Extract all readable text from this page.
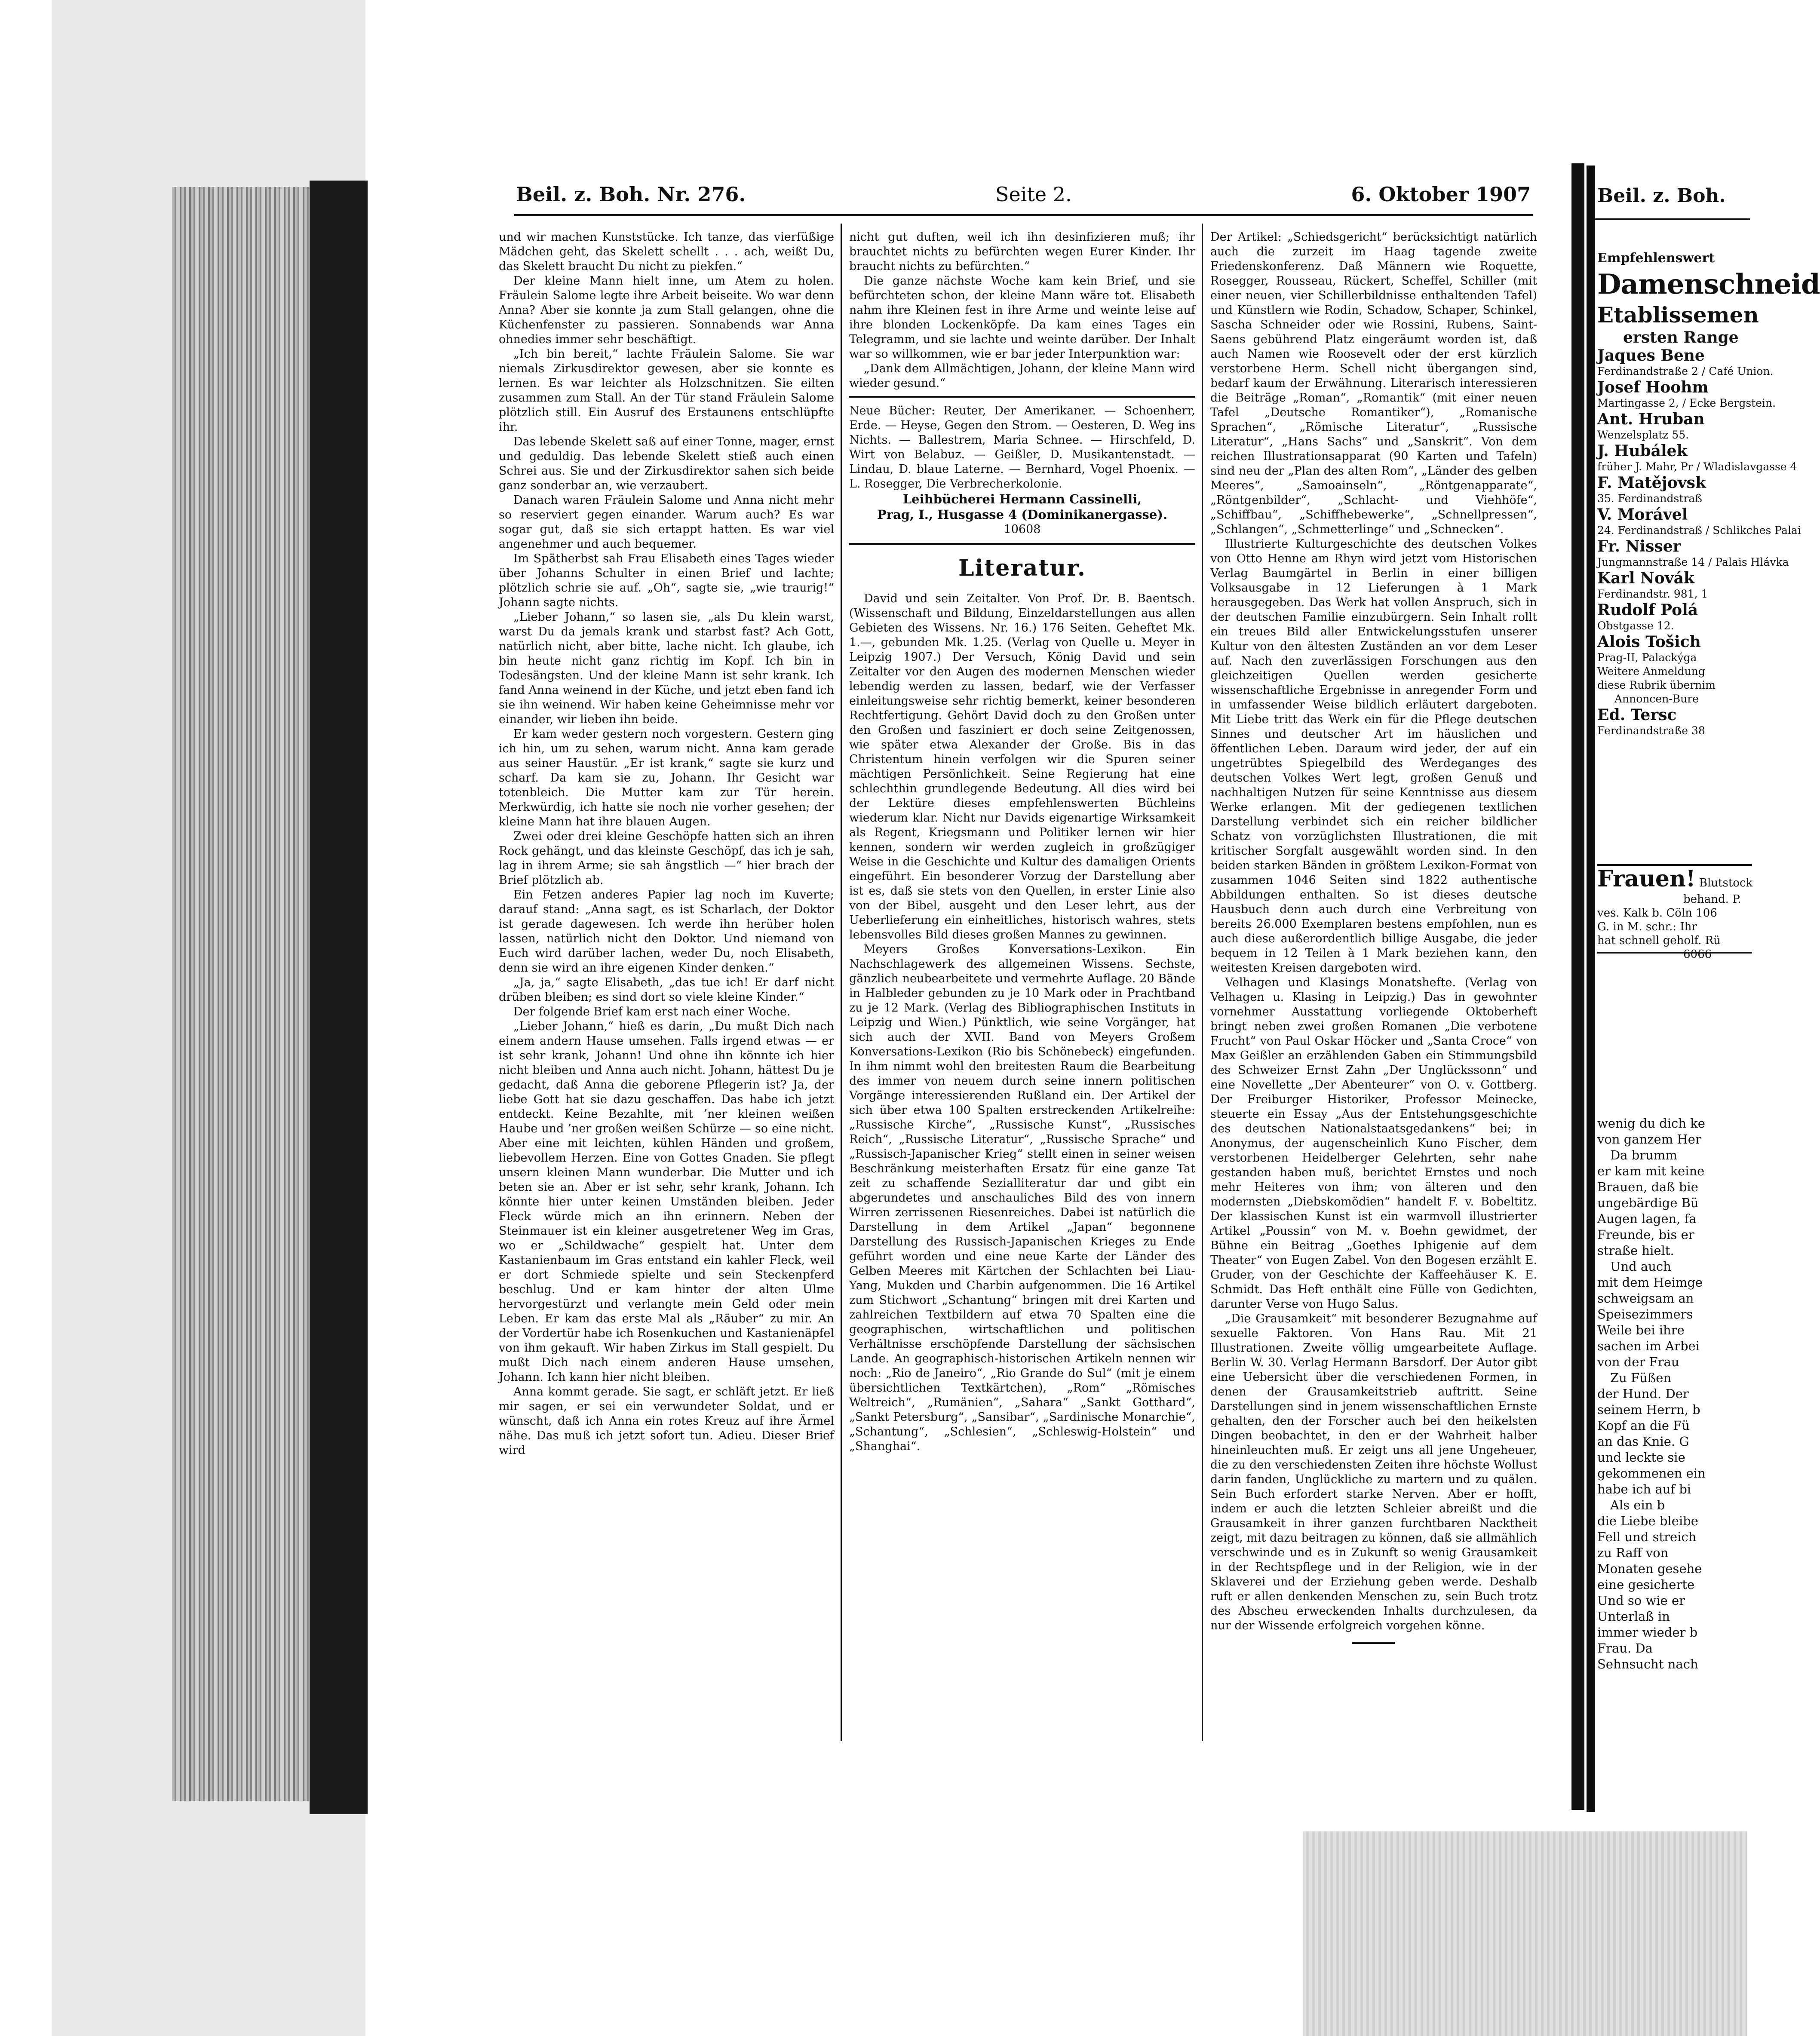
Beil. z. Boh. Nr. 276.	Seite 2.	6. Oktober 1907

und wir machen Kunststücke. Ich tanze, das vierfüßige Mädchen geht, das Skelett schellt . . . ach, weißt Du, das Skelett braucht Du nicht zu piekfen.“

Der kleine Mann hielt inne, um Atem zu holen. Fräulein Salome legte ihre Arbeit beiseite. Wo war denn Anna? Aber sie konnte ja zum Stall gelangen, ohne die Küchenfenster zu passieren. Sonnabends war Anna ohnedies immer sehr beschäftigt.

„Ich bin bereit,“ lachte Fräulein Salome. Sie war niemals Zirkusdirektor gewesen, aber sie konnte es lernen. Es war leichter als Holzschnitzen. Sie eilten zusammen zum Stall. An der Tür stand Fräulein Salome plötzlich still. Ein Ausruf des Erstaunens entschlüpfte ihr.

Das lebende Skelett saß auf einer Tonne, mager, ernst und geduldig. Das lebende Skelett stieß auch einen Schrei aus. Sie und der Zirkusdirektor sahen sich beide ganz sonderbar an, wie verzaubert.

Danach waren Fräulein Salome und Anna nicht mehr so reserviert gegen einander. Warum auch? Es war sogar gut, daß sie sich ertappt hatten. Es war viel angenehmer und auch bequemer.

Im Spätherbst sah Frau Elisabeth eines Tages wieder über Johanns Schulter in einen Brief und lachte; plötzlich schrie sie auf. „Oh“, sagte sie, „wie traurig!“ Johann sagte nichts.

„Lieber Johann,“ so lasen sie, „als Du klein warst, warst Du da jemals krank und starbst fast? Ach Gott, natürlich nicht, aber bitte, lache nicht. Ich glaube, ich bin heute nicht ganz richtig im Kopf. Ich bin in Todesängsten. Und der kleine Mann ist sehr krank. Ich fand Anna weinend in der Küche, und jetzt eben fand ich sie ihn weinend. Wir haben keine Geheimnisse mehr vor einander, wir lieben ihn beide.

Er kam weder gestern noch vorgestern. Gestern ging ich hin, um zu sehen, warum nicht. Anna kam gerade aus seiner Haustür. „Er ist krank,“ sagte sie kurz und scharf. Da kam sie zu, Johann. Ihr Gesicht war totenbleich. Die Mutter kam zur Tür herein. Merkwürdig, ich hatte sie noch nie vorher gesehen; der kleine Mann hat ihre blauen Augen.

Zwei oder drei kleine Geschöpfe hatten sich an ihren Rock gehängt, und das kleinste Geschöpf, das ich je sah, lag in ihrem Arme; sie sah ängstlich —“ hier brach der Brief plötzlich ab.

Ein Fetzen anderes Papier lag noch im Kuverte; darauf stand: „Anna sagt, es ist Scharlach, der Doktor ist gerade dagewesen. Ich werde ihn herüber holen lassen, natürlich nicht den Doktor. Und niemand von Euch wird darüber lachen, weder Du, noch Elisabeth, denn sie wird an ihre eigenen Kinder denken.“

„Ja, ja,“ sagte Elisabeth, „das tue ich! Er darf nicht drüben bleiben; es sind dort so viele kleine Kinder.“

Der folgende Brief kam erst nach einer Woche.

„Lieber Johann,“ hieß es darin, „Du mußt Dich nach einem andern Hause umsehen. Falls irgend etwas — er ist sehr krank, Johann! Und ohne ihn könnte ich hier nicht bleiben und Anna auch nicht. Johann, hättest Du je gedacht, daß Anna die geborene Pflegerin ist? Ja, der liebe Gott hat sie dazu geschaffen. Das habe ich jetzt entdeckt. Keine Bezahlte, mit ’ner kleinen weißen Haube und ’ner großen weißen Schürze — so eine nicht. Aber eine mit leichten, kühlen Händen und großem, liebevollem Herzen. Eine von Gottes Gnaden. Sie pflegt unsern kleinen Mann wunderbar. Die Mutter und ich beten sie an. Aber er ist sehr, sehr krank, Johann. Ich könnte hier unter keinen Umständen bleiben. Jeder Fleck würde mich an ihn erinnern. Neben der Steinmauer ist ein kleiner ausgetretener Weg im Gras, wo er „Schildwache“ gespielt hat. Unter dem Kastanienbaum im Gras entstand ein kahler Fleck, weil er dort Schmiede spielte und sein Steckenpferd beschlug. Und er kam hinter der alten Ulme hervorgestürzt und verlangte mein Geld oder mein Leben. Er kam das erste Mal als „Räuber“ zu mir. An der Vordertür habe ich Rosenkuchen und Kastanienäpfel von ihm gekauft. Wir haben Zirkus im Stall gespielt. Du mußt Dich nach einem anderen Hause umsehen, Johann. Ich kann hier nicht bleiben.

Anna kommt gerade. Sie sagt, er schläft jetzt. Er ließ mir sagen, er sei ein verwundeter Soldat, und er wünscht, daß ich Anna ein rotes Kreuz auf ihre Ärmel nähe. Das muß ich jetzt sofort tun. Adieu. Dieser Brief wird

nicht gut duften, weil ich ihn desinfizieren muß; ihr brauchtet nichts zu befürchten wegen Eurer Kinder. Ihr braucht nichts zu befürchten.“

Die ganze nächste Woche kam kein Brief, und sie befürchteten schon, der kleine Mann wäre tot. Elisabeth nahm ihre Kleinen fest in ihre Arme und weinte leise auf ihre blonden Lockenköpfe. Da kam eines Tages ein Telegramm, und sie lachte und weinte darüber. Der Inhalt war so willkommen, wie er bar jeder Interpunktion war:

„Dank dem Allmächtigen, Johann, der kleine Mann wird wieder gesund.“

Neue Bücher: Reuter, Der Amerikaner. — Schoenherr, Erde. — Heyse, Gegen den Strom. — Oesteren, D. Weg ins Nichts. — Ballestrem, Maria Schnee. — Hirschfeld, D. Wirt von Belabuz. — Geißler, D. Musikantenstadt. — Lindau, D. blaue Laterne. — Bernhard, Vogel Phoenix. — L. Rosegger, Die Verbrecherkolonie.
Leihbücherei Hermann Cassinelli,
Prag, I., Husgasse 4 (Dominikanergasse).
10608
Literatur.

David und sein Zeitalter. Von Prof. Dr. B. Baentsch. (Wissenschaft und Bildung, Einzeldarstellungen aus allen Gebieten des Wissens. Nr. 16.) 176 Seiten. Geheftet Mk. 1.—, gebunden Mk. 1.25. (Verlag von Quelle u. Meyer in Leipzig 1907.) Der Versuch, König David und sein Zeitalter vor den Augen des modernen Menschen wieder lebendig werden zu lassen, bedarf, wie der Verfasser einleitungsweise sehr richtig bemerkt, keiner besonderen Rechtfertigung. Gehört David doch zu den Großen unter den Großen und fasziniert er doch seine Zeitgenossen, wie später etwa Alexander der Große. Bis in das Christentum hinein verfolgen wir die Spuren seiner mächtigen Persönlichkeit. Seine Regierung hat eine schlechthin grundlegende Bedeutung. All dies wird bei der Lektüre dieses empfehlenswerten Büchleins wiederum klar. Nicht nur Davids eigenartige Wirksamkeit als Regent, Kriegsmann und Politiker lernen wir hier kennen, sondern wir werden zugleich in großzügiger Weise in die Geschichte und Kultur des damaligen Orients eingeführt. Ein besonderer Vorzug der Darstellung aber ist es, daß sie stets von den Quellen, in erster Linie also von der Bibel, ausgeht und den Leser lehrt, aus der Ueberlieferung ein einheitliches, historisch wahres, stets lebensvolles Bild dieses großen Mannes zu gewinnen.

Meyers Großes Konversations-Lexikon. Ein Nachschlagewerk des allgemeinen Wissens. Sechste, gänzlich neubearbeitete und vermehrte Auflage. 20 Bände in Halbleder gebunden zu je 10 Mark oder in Prachtband zu je 12 Mark. (Verlag des Bibliographischen Instituts in Leipzig und Wien.) Pünktlich, wie seine Vorgänger, hat sich auch der XVII. Band von Meyers Großem Konversations-Lexikon (Rio bis Schönebeck) eingefunden. In ihm nimmt wohl den breitesten Raum die Bearbeitung des immer von neuem durch seine innern politischen Vorgänge interessierenden Rußland ein. Der Artikel der sich über etwa 100 Spalten erstreckenden Artikelreihe: „Russische Kirche“, „Russische Kunst“, „Russisches Reich“, „Russische Literatur“, „Russische Sprache“ und „Russisch-Japanischer Krieg“ stellt einen in seiner weisen Beschränkung meisterhaften Ersatz für eine ganze Tat zeit zu schaffende Sezialliteratur dar und gibt ein abgerundetes und anschauliches Bild des von innern Wirren zerrissenen Riesenreiches. Dabei ist natürlich die Darstellung in dem Artikel „Japan“ begonnene Darstellung des Russisch-Japanischen Krieges zu Ende geführt worden und eine neue Karte der Länder des Gelben Meeres mit Kärtchen der Schlachten bei Liau-Yang, Mukden und Charbin aufgenommen. Die 16 Artikel zum Stichwort „Schantung“ bringen mit drei Karten und zahlreichen Textbildern auf etwa 70 Spalten eine die geographischen, wirtschaftlichen und politischen Verhältnisse erschöpfende Darstellung der sächsischen Lande. An geographisch-historischen Artikeln nennen wir noch: „Rio de Janeiro“, „Rio Grande do Sul“ (mit je einem übersichtlichen Textkärtchen), „Rom“ „Römisches Weltreich“, „Rumänien“, „Sahara“ „Sankt Gotthard“, „Sankt Petersburg“, „Sansibar“, „Sardinische Monarchie“, „Schantung“, „Schlesien“, „Schleswig-Holstein“ und „Shanghai“.

Der Artikel: „Schiedsgericht“ berücksichtigt natürlich auch die zurzeit im Haag tagende zweite Friedenskonferenz. Daß Männern wie Roquette, Rosegger, Rousseau, Rückert, Scheffel, Schiller (mit einer neuen, vier Schillerbildnisse enthaltenden Tafel) und Künstlern wie Rodin, Schadow, Schaper, Schinkel, Sascha Schneider oder wie Rossini, Rubens, Saint-Saens gebührend Platz eingeräumt worden ist, daß auch Namen wie Roosevelt oder der erst kürzlich verstorbene Herm. Schell nicht übergangen sind, bedarf kaum der Erwähnung. Literarisch interessieren die Beiträge „Roman“, „Romantik“ (mit einer neuen Tafel „Deutsche Romantiker“), „Romanische Sprachen“, „Römische Literatur“, „Russische Literatur“, „Hans Sachs“ und „Sanskrit“. Von dem reichen Illustrationsapparat (90 Karten und Tafeln) sind neu der „Plan des alten Rom“, „Länder des gelben Meeres“, „Samoainseln“, „Röntgenapparate“, „Röntgenbilder“, „Schlacht- und Viehhöfe“, „Schiffbau“, „Schiffhebewerke“, „Schnellpressen“, „Schlangen“, „Schmetterlinge“ und „Schnecken“.

Illustrierte Kulturgeschichte des deutschen Volkes von Otto Henne am Rhyn wird jetzt vom Historischen Verlag Baumgärtel in Berlin in einer billigen Volksausgabe in 12 Lieferungen à 1 Mark herausgegeben. Das Werk hat vollen Anspruch, sich in der deutschen Familie einzubürgern. Sein Inhalt rollt ein treues Bild aller Entwickelungsstufen unserer Kultur von den ältesten Zuständen an vor dem Leser auf. Nach den zuverlässigen Forschungen aus den gleichzeitigen Quellen werden gesicherte wissenschaftliche Ergebnisse in anregender Form und in umfassender Weise bildlich erläutert dargeboten. Mit Liebe tritt das Werk ein für die Pflege deutschen Sinnes und deutscher Art im häuslichen und öffentlichen Leben. Daraum wird jeder, der auf ein ungetrübtes Spiegelbild des Werdeganges des deutschen Volkes Wert legt, großen Genuß und nachhaltigen Nutzen für seine Kenntnisse aus diesem Werke erlangen. Mit der gediegenen textlichen Darstellung verbindet sich ein reicher bildlicher Schatz von vorzüglichsten Illustrationen, die mit kritischer Sorgfalt ausgewählt worden sind. In den beiden starken Bänden in größtem Lexikon-Format von zusammen 1046 Seiten sind 1822 authentische Abbildungen enthalten. So ist dieses deutsche Hausbuch denn auch durch eine Verbreitung von bereits 26.000 Exemplaren bestens empfohlen, nun es auch diese außerordentlich billige Ausgabe, die jeder bequem in 12 Teilen à 1 Mark beziehen kann, den weitesten Kreisen dargeboten wird.

Velhagen und Klasings Monatshefte. (Verlag von Velhagen u. Klasing in Leipzig.) Das in gewohnter vornehmer Ausstattung vorliegende Oktoberheft bringt neben zwei großen Romanen „Die verbotene Frucht“ von Paul Oskar Höcker und „Santa Croce“ von Max Geißler an erzählenden Gaben ein Stimmungsbild des Schweizer Ernst Zahn „Der Unglückssonn“ und eine Novellette „Der Abenteurer“ von O. v. Gottberg. Der Freiburger Historiker, Professor Meinecke, steuerte ein Essay „Aus der Entstehungsgeschichte des deutschen Nationalstaatsgedankens“ bei; in Anonymus, der augenscheinlich Kuno Fischer, dem verstorbenen Heidelberger Gelehrten, sehr nahe gestanden haben muß, berichtet Ernstes und noch mehr Heiteres von ihm; von älteren und den modernsten „Diebskomödien“ handelt F. v. Bobeltitz. Der klassischen Kunst ist ein warmvoll illustrierter Artikel „Poussin“ von M. v. Boehn gewidmet, der Bühne ein Beitrag „Goethes Iphigenie auf dem Theater“ von Eugen Zabel. Von den Bogesen erzählt E. Gruder, von der Geschichte der Kaffeehäuser K. E. Schmidt. Das Heft enthält eine Fülle von Gedichten, darunter Verse von Hugo Salus.

„Die Grausamkeit“ mit besonderer Bezugnahme auf sexuelle Faktoren. Von Hans Rau. Mit 21 Illustrationen. Zweite völlig umgearbeitete Auflage. Berlin W. 30. Verlag Hermann Barsdorf. Der Autor gibt eine Uebersicht über die verschiedenen Formen, in denen der Grausamkeitstrieb auftritt. Seine Darstellungen sind in jenem wissenschaftlichen Ernste gehalten, den der Forscher auch bei den heikelsten Dingen beobachtet, in den er der Wahrheit halber hineinleuchten muß. Er zeigt uns all jene Ungeheuer, die zu den verschiedensten Zeiten ihre höchste Wollust darin fanden, Unglückliche zu martern und zu quälen. Sein Buch erfordert starke Nerven. Aber er hofft, indem er auch die letzten Schleier abreißt und die Grausamkeit in ihrer ganzen furchtbaren Nacktheit zeigt, mit dazu beitragen zu können, daß sie allmählich verschwinde und es in Zukunft so wenig Grausamkeit in der Rechtspflege und in der Religion, wie in der Sklaverei und der Erziehung geben werde. Deshalb ruft er allen denkenden Menschen zu, sein Buch trotz des Abscheu erweckenden Inhalts durchzulesen, da nur der Wissende erfolgreich vorgehen könne.

Beil. z. Boh.
Empfehlenswert
Damenschneid
Etablissemen
ersten Range
Jaques Bene
Ferdinandstraße 2 / Café Union.
Josef Hoohm
Martingasse 2, / Ecke Bergstein.
Ant. Hruban
Wenzelsplatz 55.
J. Hubálek
früher J. Mahr, Pr / Wladislavgasse 4
F. Matějovsk
35. Ferdinandstraß
V. Morável
24. Ferdinandstraß / Schlikches Palai
Fr. Nisser
Jungmannstraße 14 / Palais Hlávka
Karl Novák
Ferdinandstr. 981, 1
Rudolf Polá
Obstgasse 12.
Alois Tošich
Prag-II, Palackýga
Weitere Anmeldung
diese Rubrik übernim
Annoncen-Bure
Ed. Tersc
Ferdinandstraße 38
Frauen! Blutstock
behand. P.
ves. Kalk b. Cöln 106
G. in M. schr.: Ihr
hat schnell geholf. Rü
6066

wenig du dich ke

von ganzem Her

Da brumm

er kam mit keine

Brauen, daß bie

ungebärdige Bü

Augen lagen, fa

Freunde, bis er

straße hielt.

Und auch

mit dem Heimge

schweigsam an

Speisezimmers

Weile bei ihre

sachen im Arbei

von der Frau

Zu Füßen

der Hund. Der

seinem Herrn, b

Kopf an die Fü

an das Knie. G

und leckte sie

gekommenen ein

habe ich auf bi

Als ein b

die Liebe bleibe

Fell und streich

zu Raff von

Monaten gesehe

eine gesicherte

Und so wie er

Unterlaß in

immer wieder b

Frau. Da

Sehnsucht nach
